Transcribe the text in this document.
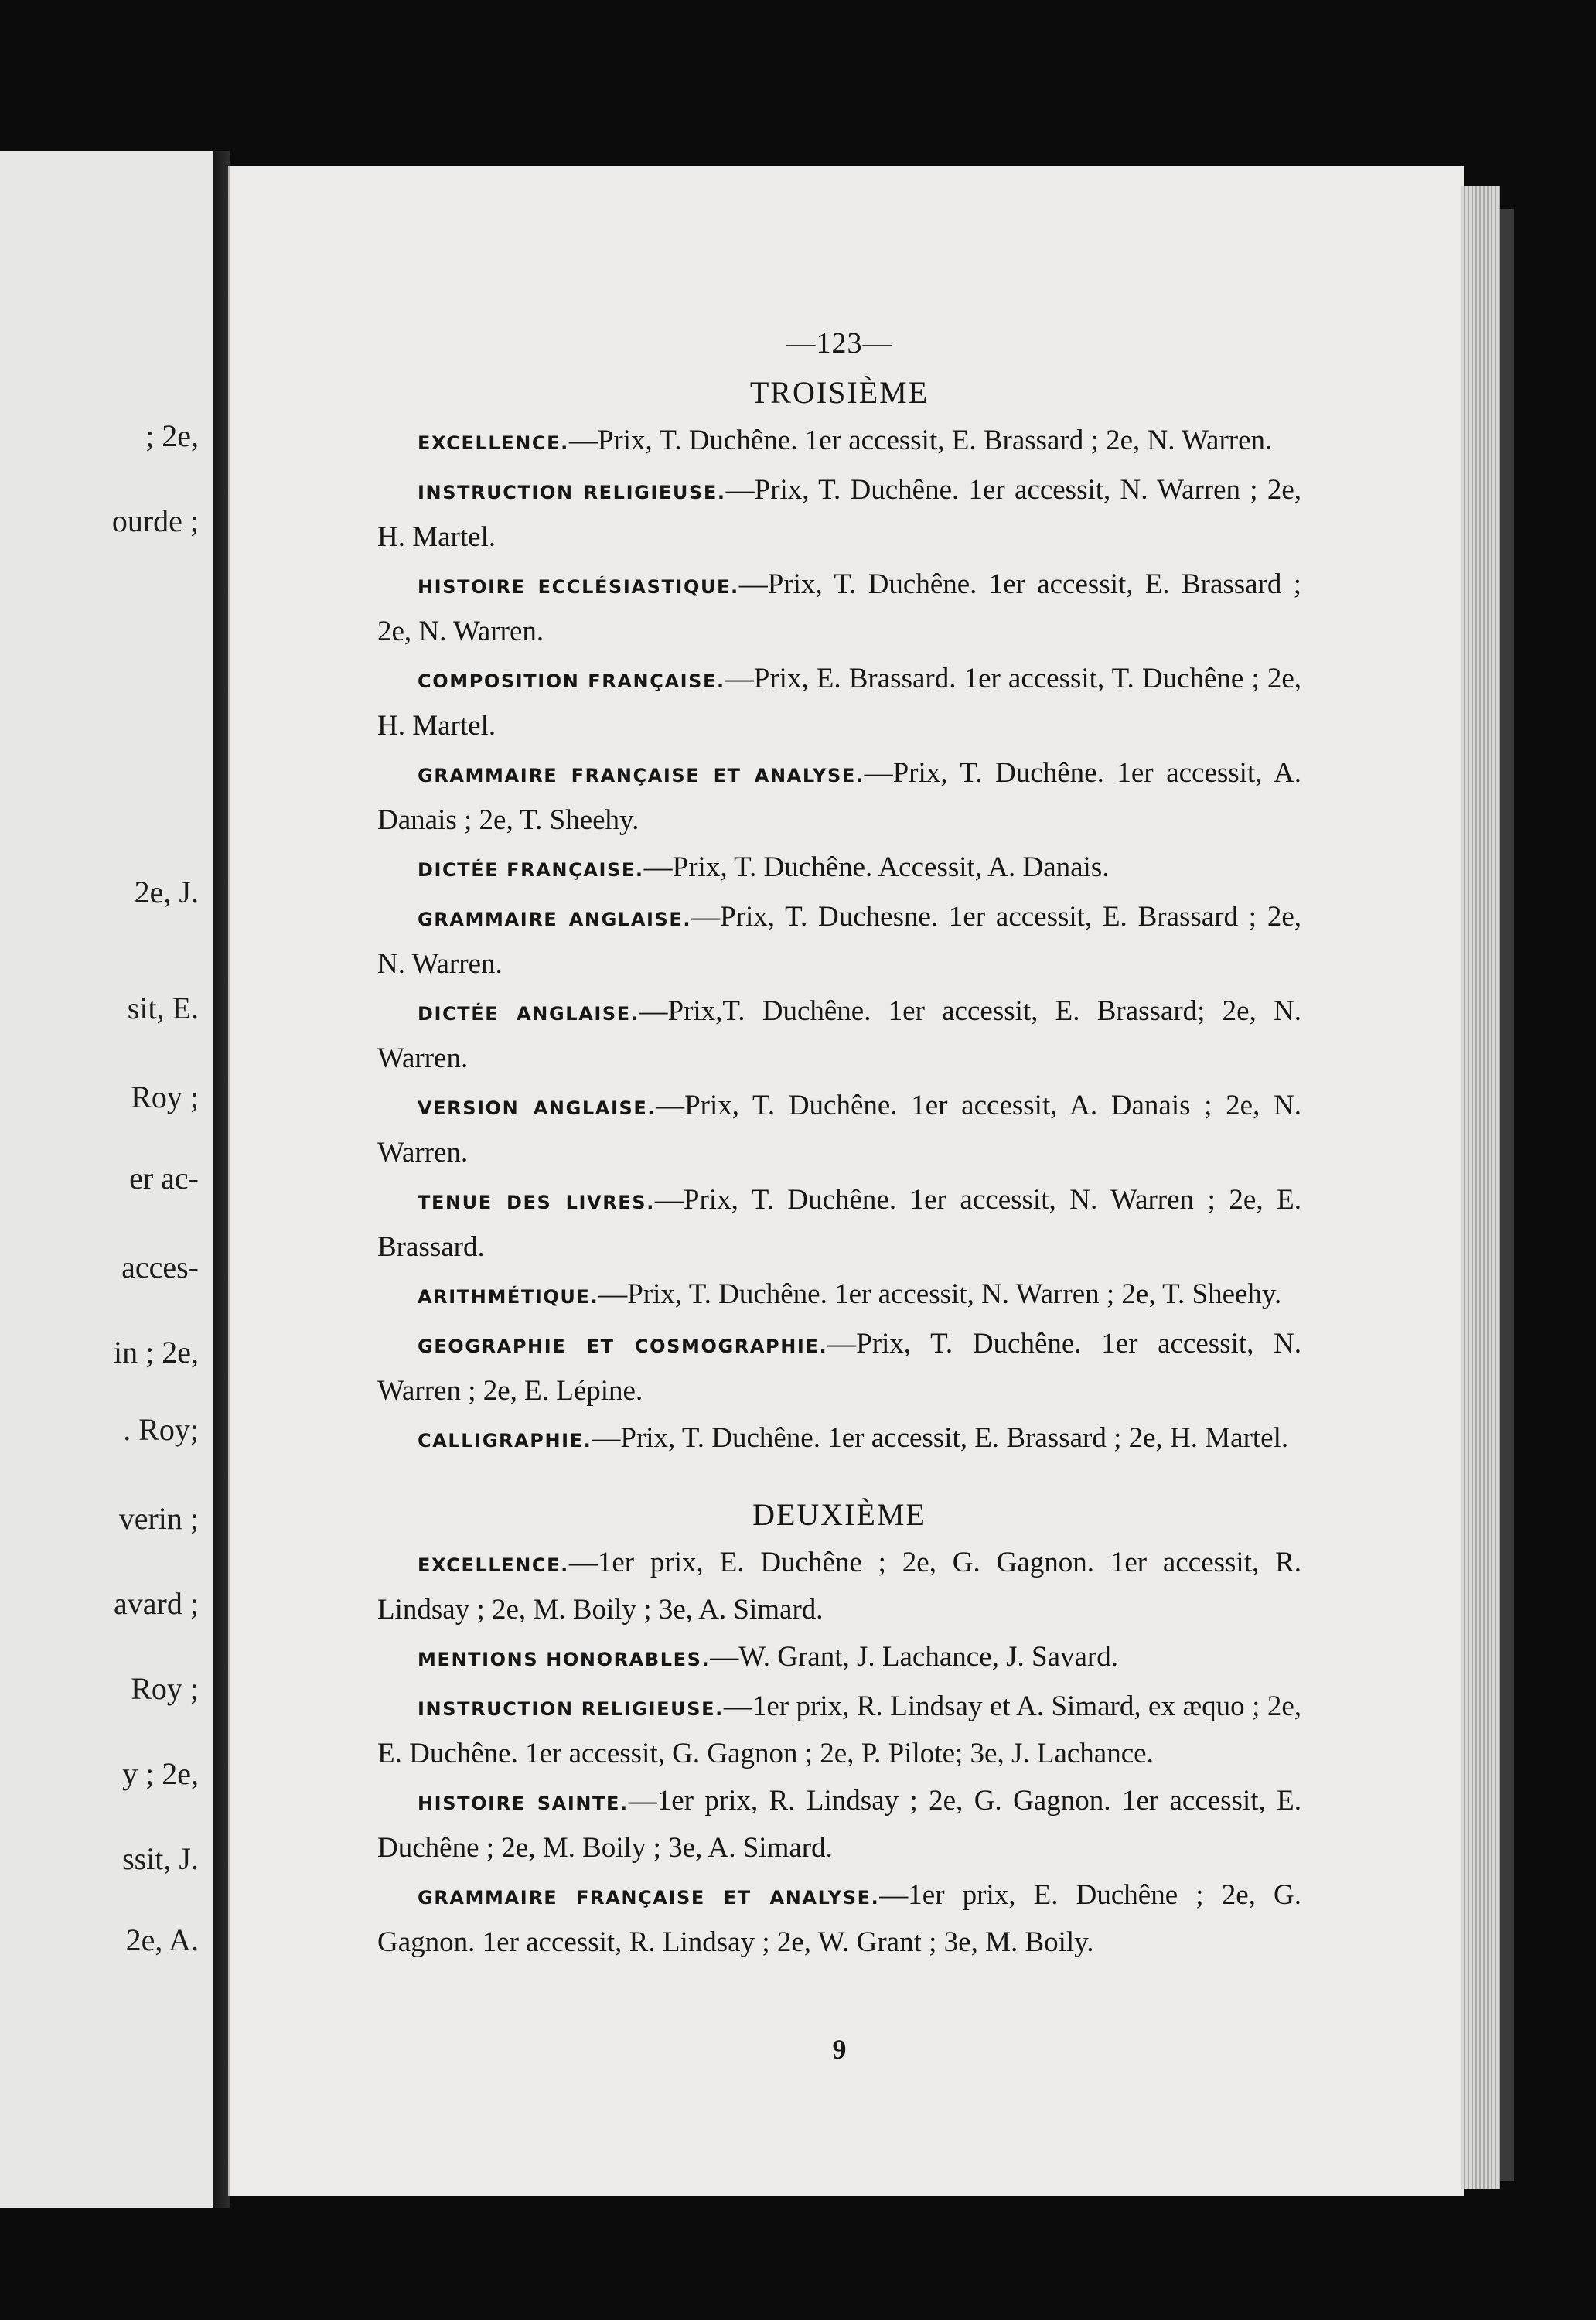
; 2e,
ourde ;
2e, J.
sit, E.
Roy ;
er ac-
acces-
in ; 2e,
. Roy;
verin ;
avard ;
Roy ;
y ; 2e,
ssit, J.
2e, A.
—123—
TROISIÈME

EXCELLENCE.—Prix, T. Duchêne. 1er accessit, E. Brassard ; 2e, N. Warren.

INSTRUCTION RELIGIEUSE.—Prix, T. Duchêne. 1er accessit, N. Warren ; 2e, H. Martel.

HISTOIRE ECCLÉSIASTIQUE.—Prix, T. Duchêne. 1er accessit, E. Brassard ; 2e, N. Warren.

COMPOSITION FRANÇAISE.—Prix, E. Brassard. 1er accessit, T. Duchêne ; 2e, H. Martel.

GRAMMAIRE FRANÇAISE ET ANALYSE.—Prix, T. Duchêne. 1er accessit, A. Danais ; 2e, T. Sheehy.

DICTÉE FRANÇAISE.—Prix, T. Duchêne. Accessit, A. Danais.

GRAMMAIRE ANGLAISE.—Prix, T. Duchesne. 1er accessit, E. Brassard ; 2e, N. Warren.

DICTÉE ANGLAISE.—Prix,T. Duchêne. 1er accessit, E. Brassard; 2e, N. Warren.

VERSION ANGLAISE.—Prix, T. Duchêne. 1er accessit, A. Danais ; 2e, N. Warren.

TENUE DES LIVRES.—Prix, T. Duchêne. 1er accessit, N. Warren ; 2e, E. Brassard.

ARITHMÉTIQUE.—Prix, T. Duchêne. 1er accessit, N. Warren ; 2e, T. Sheehy.

GEOGRAPHIE ET COSMOGRAPHIE.—Prix, T. Duchêne. 1er accessit, N. Warren ; 2e, E. Lépine.

CALLIGRAPHIE.—Prix, T. Duchêne. 1er accessit, E. Brassard ; 2e, H. Martel.

DEUXIÈME

EXCELLENCE.—1er prix, E. Duchêne ; 2e, G. Gagnon. 1er accessit, R. Lindsay ; 2e, M. Boily ; 3e, A. Simard.

MENTIONS HONORABLES.—W. Grant, J. Lachance, J. Savard.

INSTRUCTION RELIGIEUSE.—1er prix, R. Lindsay et A. Simard, ex æquo ; 2e, E. Duchêne. 1er accessit, G. Gagnon ; 2e, P. Pilote; 3e, J. Lachance.

HISTOIRE SAINTE.—1er prix, R. Lindsay ; 2e, G. Gagnon. 1er accessit, E. Duchêne ; 2e, M. Boily ; 3e, A. Simard.

GRAMMAIRE FRANÇAISE ET ANALYSE.—1er prix, E. Duchêne ; 2e, G. Gagnon. 1er accessit, R. Lindsay ; 2e, W. Grant ; 3e, M. Boily.

9
